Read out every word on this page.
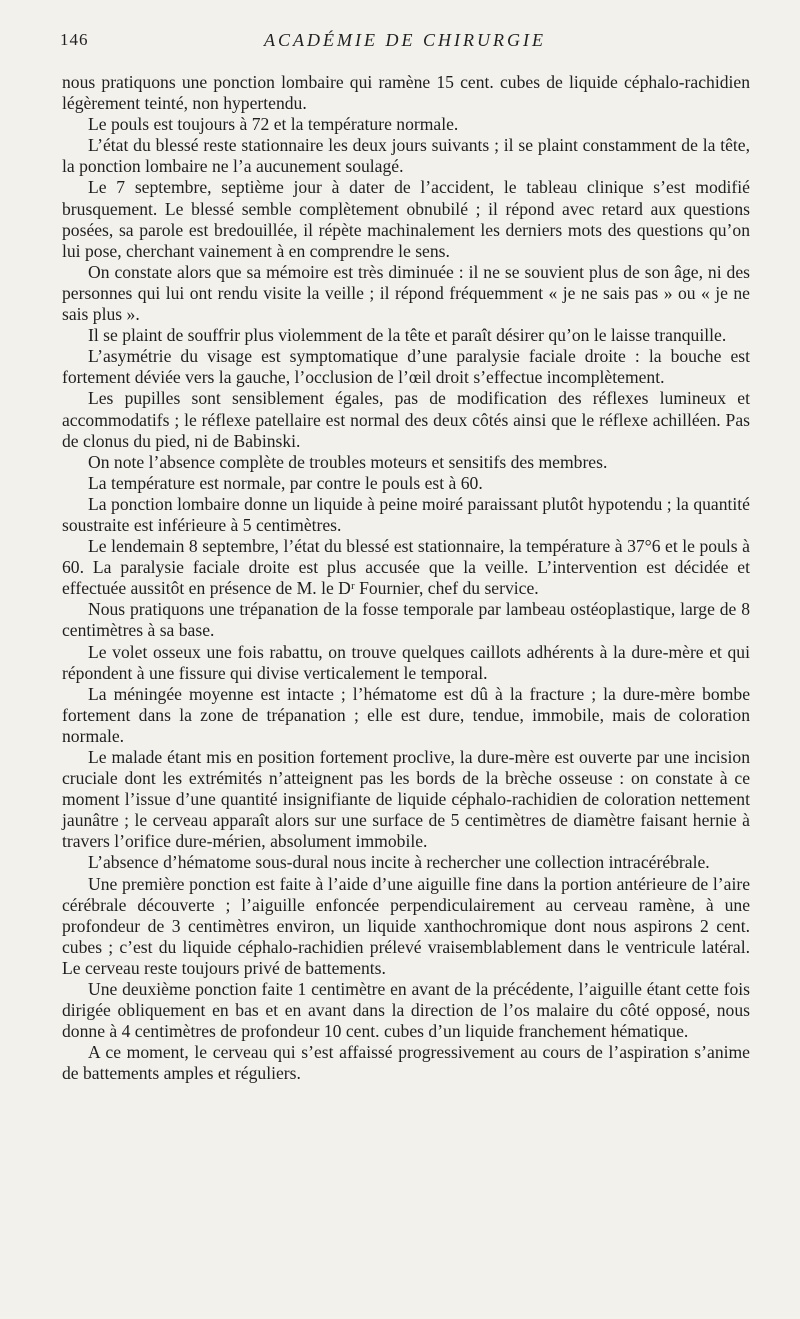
146	ACADÉMIE DE CHIRURGIE

nous pratiquons une ponction lombaire qui ramène 15 cent. cubes de liquide céphalo-rachidien légèrement teinté, non hypertendu.

Le pouls est toujours à 72 et la température normale.

L’état du blessé reste stationnaire les deux jours suivants ; il se plaint constamment de la tête, la ponction lombaire ne l’a aucunement soulagé.

Le 7 septembre, septième jour à dater de l’accident, le tableau clinique s’est modifié brusquement. Le blessé semble complètement obnubilé ; il répond avec retard aux questions posées, sa parole est bredouillée, il répète machinalement les derniers mots des questions qu’on lui pose, cherchant vainement à en comprendre le sens.

On constate alors que sa mémoire est très diminuée : il ne se souvient plus de son âge, ni des personnes qui lui ont rendu visite la veille ; il répond fréquemment « je ne sais pas » ou « je ne sais plus ».

Il se plaint de souffrir plus violemment de la tête et paraît désirer qu’on le laisse tranquille.

L’asymétrie du visage est symptomatique d’une paralysie faciale droite : la bouche est fortement déviée vers la gauche, l’occlusion de l’œil droit s’effectue incomplètement.

Les pupilles sont sensiblement égales, pas de modification des réflexes lumineux et accommodatifs ; le réflexe patellaire est normal des deux côtés ainsi que le réflexe achilléen. Pas de clonus du pied, ni de Babinski.

On note l’absence complète de troubles moteurs et sensitifs des membres.

La température est normale, par contre le pouls est à 60.

La ponction lombaire donne un liquide à peine moiré paraissant plutôt hypotendu ; la quantité soustraite est inférieure à 5 centimètres.

Le lendemain 8 septembre, l’état du blessé est stationnaire, la température à 37°6 et le pouls à 60. La paralysie faciale droite est plus accusée que la veille. L’intervention est décidée et effectuée aussitôt en présence de M. le Dʳ Fournier, chef du service.

Nous pratiquons une trépanation de la fosse temporale par lambeau ostéoplastique, large de 8 centimètres à sa base.

Le volet osseux une fois rabattu, on trouve quelques caillots adhérents à la dure-mère et qui répondent à une fissure qui divise verticalement le temporal.

La méningée moyenne est intacte ; l’hématome est dû à la fracture ; la dure-mère bombe fortement dans la zone de trépanation ; elle est dure, tendue, immobile, mais de coloration normale.

Le malade étant mis en position fortement proclive, la dure-mère est ouverte par une incision cruciale dont les extrémités n’atteignent pas les bords de la brèche osseuse : on constate à ce moment l’issue d’une quantité insignifiante de liquide céphalo-rachidien de coloration nettement jaunâtre ; le cerveau apparaît alors sur une surface de 5 centimètres de diamètre faisant hernie à travers l’orifice dure-mérien, absolument immobile.

L’absence d’hématome sous-dural nous incite à rechercher une collection intracérébrale.

Une première ponction est faite à l’aide d’une aiguille fine dans la portion antérieure de l’aire cérébrale découverte ; l’aiguille enfoncée perpendiculairement au cerveau ramène, à une profondeur de 3 centimètres environ, un liquide xanthochromique dont nous aspirons 2 cent. cubes ; c’est du liquide céphalo-rachidien prélevé vraisemblablement dans le ventricule latéral. Le cerveau reste toujours privé de battements.

Une deuxième ponction faite 1 centimètre en avant de la précédente, l’aiguille étant cette fois dirigée obliquement en bas et en avant dans la direction de l’os malaire du côté opposé, nous donne à 4 centimètres de profondeur 10 cent. cubes d’un liquide franchement hématique.

A ce moment, le cerveau qui s’est affaissé progressivement au cours de l’aspiration s’anime de battements amples et réguliers.
